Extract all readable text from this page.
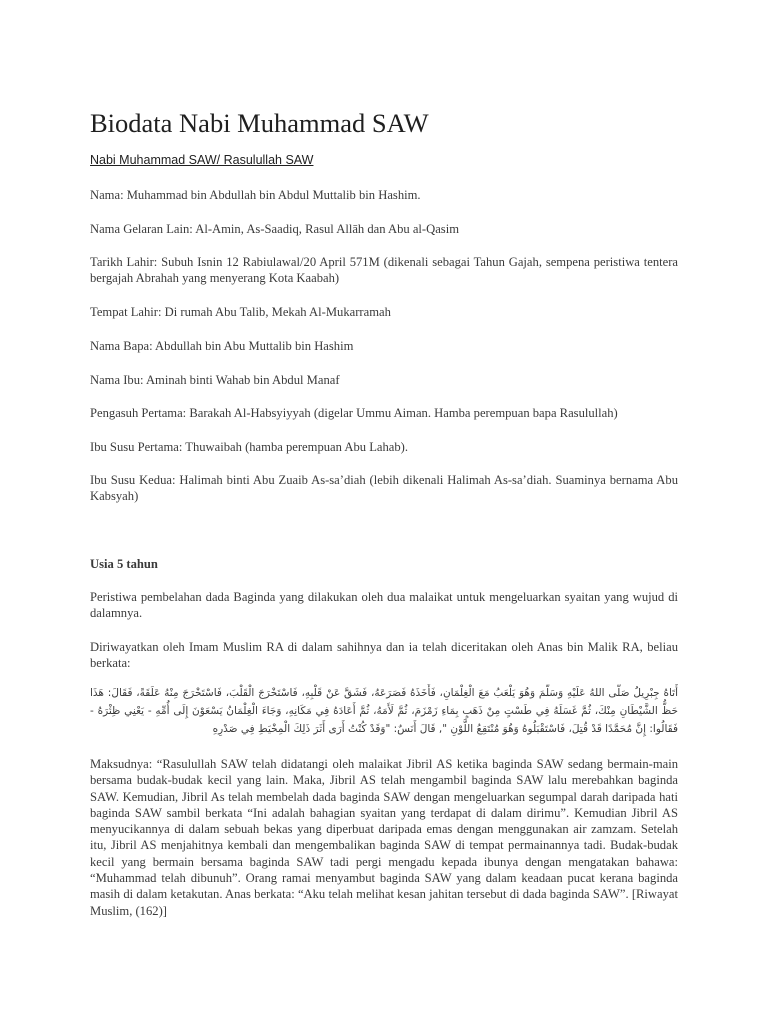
Biodata Nabi Muhammad SAW
Nabi Muhammad SAW/ Rasulullah SAW

Nama: Muhammad bin Abdullah bin Abdul Muttalib bin Hashim.

Nama Gelaran Lain: Al-Amin, As-Saadiq, Rasul Allāh dan Abu al-Qasim

Tarikh Lahir: Subuh Isnin 12 Rabiulawal/20 April 571M (dikenali sebagai Tahun Gajah, sempena peristiwa tentera bergajah Abrahah yang menyerang Kota Kaabah)

Tempat Lahir: Di rumah Abu Talib, Mekah Al-Mukarramah

Nama Bapa: Abdullah bin Abu Muttalib bin Hashim

Nama Ibu: Aminah binti Wahab bin Abdul Manaf

Pengasuh Pertama: Barakah Al-Habsyiyyah (digelar Ummu Aiman. Hamba perempuan bapa Rasulullah)

Ibu Susu Pertama: Thuwaibah (hamba perempuan Abu Lahab).

Ibu Susu Kedua: Halimah binti Abu Zuaib As-sa’diah (lebih dikenali Halimah As-sa’diah. Suaminya bernama Abu Kabsyah)

Usia 5 tahun

Peristiwa pembelahan dada Baginda yang dilakukan oleh dua malaikat untuk mengeluarkan syaitan yang wujud di dalamnya.

Diriwayatkan oleh Imam Muslim RA di dalam sahihnya dan ia telah diceritakan oleh Anas bin Malik RA, beliau berkata:

أَتَاهُ جِبْرِيلُ صَلَّى اللهُ عَلَيْهِ وَسَلَّمَ وَهُوَ يَلْعَبُ مَعَ الْغِلْمَانِ، فَأَخَذَهُ فَصَرَعَهُ، فَشَقَّ عَنْ قَلْبِهِ، فَاسْتَخْرَجَ الْقَلْبَ، فَاسْتَخْرَجَ مِنْهُ عَلَقَةً، فَقَالَ: هَذَا حَظُّ الشَّيْطَانِ مِنْكَ، ثُمَّ غَسَلَهُ فِي طَسْتٍ مِنْ ذَهَبٍ بِمَاءِ زَمْزَمَ، ثُمَّ لَأَمَهُ، ثُمَّ أَعَادَهُ فِي مَكَانِهِ، وَجَاءَ الْغِلْمَانُ يَسْعَوْنَ إِلَى أُمِّهِ - يَعْنِي ظِئْرَهُ - فَقَالُوا: إِنَّ مُحَمَّدًا قَدْ قُتِلَ، فَاسْتَقْبَلُوهُ وَهُوَ مُنْتَقِعُ اللَّوْنِ ", قَالَ أَنَسٌ: "وَقَدْ كُنْتُ أَرَى أَثَرَ ذَلِكَ الْمِخْيَطِ فِي صَدْرِهِ

Maksudnya: “Rasulullah SAW telah didatangi oleh malaikat Jibril AS ketika baginda SAW sedang bermain-main bersama budak-budak kecil yang lain. Maka, Jibril AS telah mengambil baginda SAW lalu merebahkan baginda SAW. Kemudian, Jibril As telah membelah dada baginda SAW dengan mengeluarkan segumpal darah daripada hati baginda SAW sambil berkata “Ini adalah bahagian syaitan yang terdapat di dalam dirimu”. Kemudian Jibril AS menyucikannya di dalam sebuah bekas yang diperbuat daripada emas dengan menggunakan air zamzam. Setelah itu, Jibril AS menjahitnya kembali dan mengembalikan baginda SAW di tempat permainannya tadi. Budak-budak kecil yang bermain bersama baginda SAW tadi pergi mengadu kepada ibunya dengan mengatakan bahawa: “Muhammad telah dibunuh”. Orang ramai menyambut baginda SAW yang dalam keadaan pucat kerana baginda masih di dalam ketakutan. Anas berkata: “Aku telah melihat kesan jahitan tersebut di dada baginda SAW”. [Riwayat Muslim, (162)]
